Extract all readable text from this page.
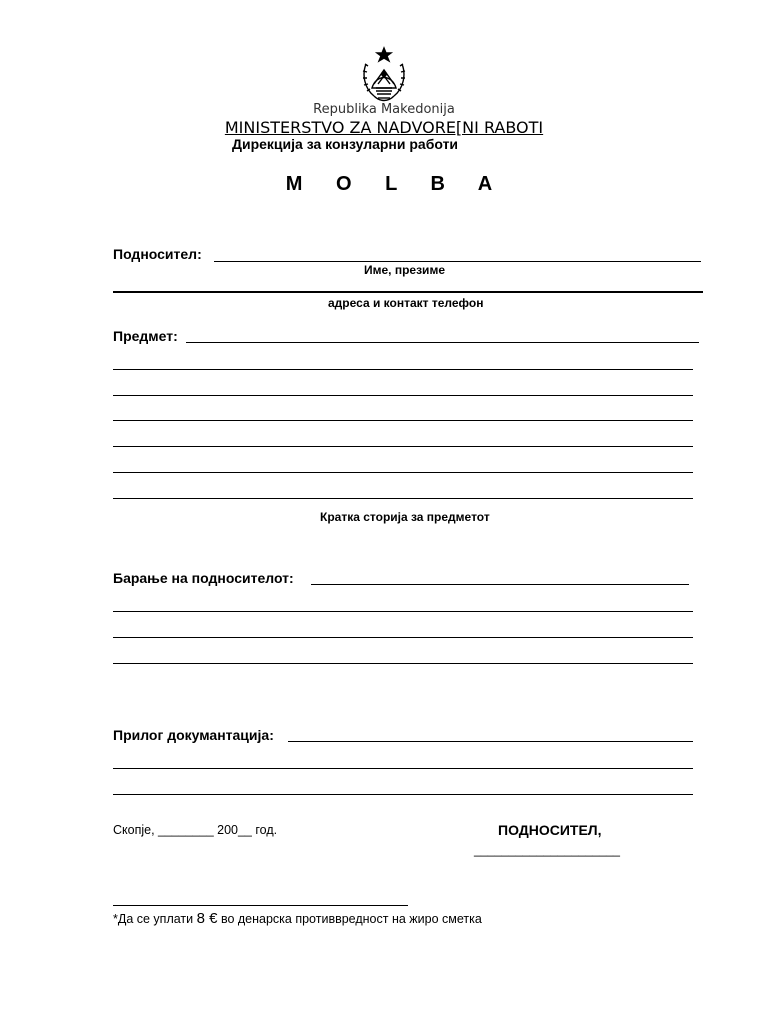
Republika Makedonija
MINISTERSTVO ZA NADVORE[NI RABOTI
Дирекција за конзуларни работи
M O L B A
Подносител:
Име, презиме
адреса и контакт телефон
Предмет:
Кратка сторија за предметот
Барање на подносителот:
Прилог докумантација:
Скопје, ________ 200__ год.	ПОДНОСИТЕЛ,
_____________________
*Да се уплати 8 € во денарска противвредност на жиро сметка
